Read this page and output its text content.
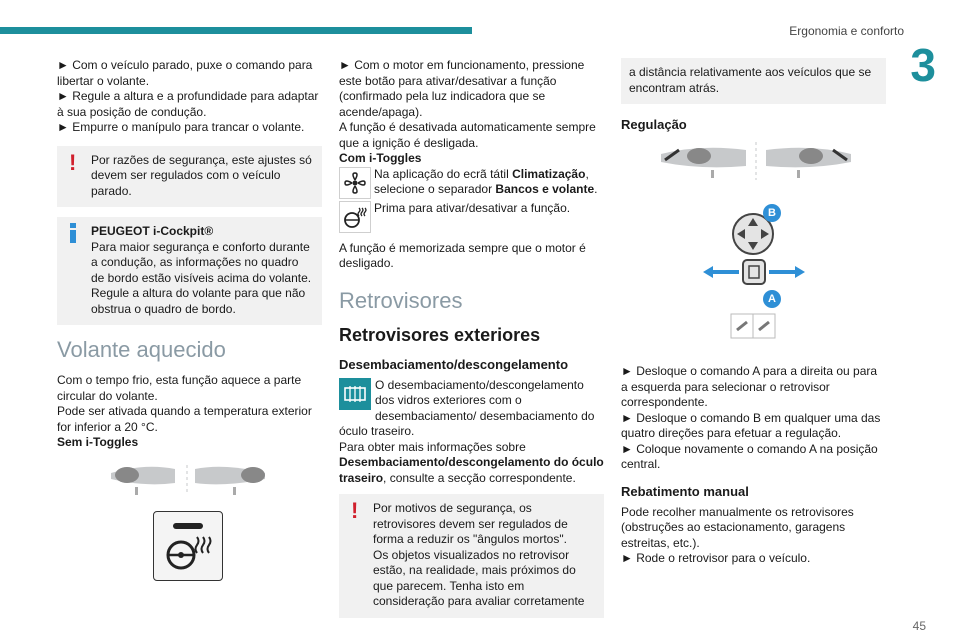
Ergonomia e conforto
3
45

► Com o veículo parado, puxe o comando para libertar o volante.

► Regule a altura e a profundidade para adaptar à sua posição de condução.

► Empurre o manípulo para trancar o volante.

! Por razões de segurança, este ajustes só devem ser regulados com o veículo parado.

PEUGEOT i-Cockpit®

Para maior segurança e conforto durante a condução, as informações no quadro de bordo estão visíveis acima do volante.

Regule a altura do volante para que não obstrua o quadro de bordo.

Volante aquecido

Com o tempo frio, esta função aquece a parte circular do volante.

Pode ser ativada quando a temperatura exterior for inferior a 20 °C.

Sem i-Toggles

► Com o motor em funcionamento, pressione este botão para ativar/desativar a função (confirmado pela luz indicadora que se acende/apaga).

A função é desativada automaticamente sempre que a ignição é desligada.

Com i-Toggles

Na aplicação do ecrã tátil Climatização, selecione o separador Bancos e volante.

Prima para ativar/desativar a função.

A função é memorizada sempre que o motor é desligado.

Retrovisores
Retrovisores exteriores
Desembaciamento/descongelamento

O desembaciamento/descongelamento dos vidros exteriores com o desembaciamento/ desembaciamento do óculo traseiro.

Para obter mais informações sobre Desembaciamento/descongelamento do óculo traseiro, consulte a secção correspondente.

! Por motivos de segurança, os retrovisores devem ser regulados de forma a reduzir os "ângulos mortos".

Os objetos visualizados no retrovisor estão, na realidade, mais próximos do que parecem. Tenha isto em consideração para avaliar corretamente

a distância relativamente aos veículos que se encontram atrás.

Regulação
B
A

► Desloque o comando A para a direita ou para a esquerda para selecionar o retrovisor correspondente.

► Desloque o comando B em qualquer uma das quatro direções para efetuar a regulação.

► Coloque novamente o comando A na posição central.

Rebatimento manual

Pode recolher manualmente os retrovisores (obstruções ao estacionamento, garagens estreitas, etc.).

► Rode o retrovisor para o veículo.
